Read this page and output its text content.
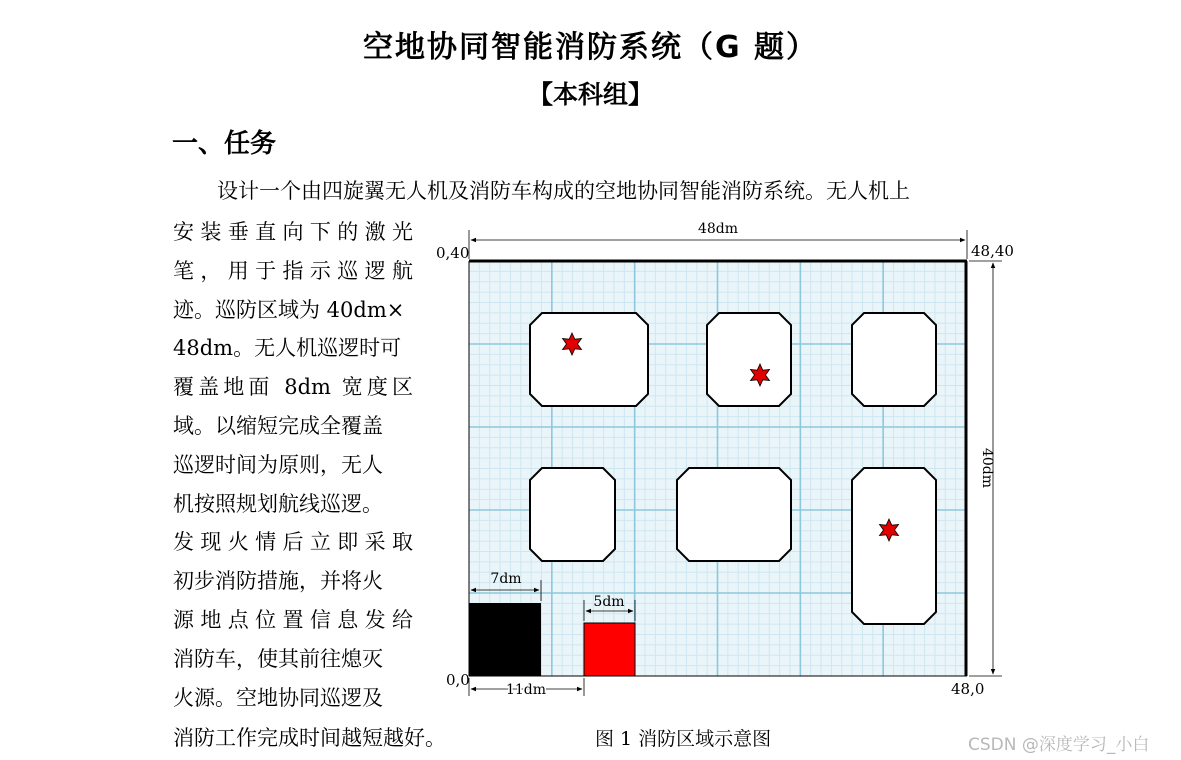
空地协同智能消防系统（G 题）
【本科组】
一、任务
设计一个由四旋翼无人机及消防车构成的空地协同智能消防系统。无人机上
安装垂直向下的激光
笔，用于指示巡逻航
迹。巡防区域为 40dm×
48dm。无人机巡逻时可
覆盖地面 8dm 宽度区
域。以缩短完成全覆盖
巡逻时间为原则，无人
机按照规划航线巡逻。
发现火情后立即采取
初步消防措施，并将火
源地点位置信息发给
消防车，使其前往熄灭
火源。空地协同巡逻及
消防工作完成时间越短越好。
48dm
40dm
0,40	48,40
0,0	48,0
7dm
5dm
11dm
图 1 消防区域示意图	CSDN @深度学习_小白
